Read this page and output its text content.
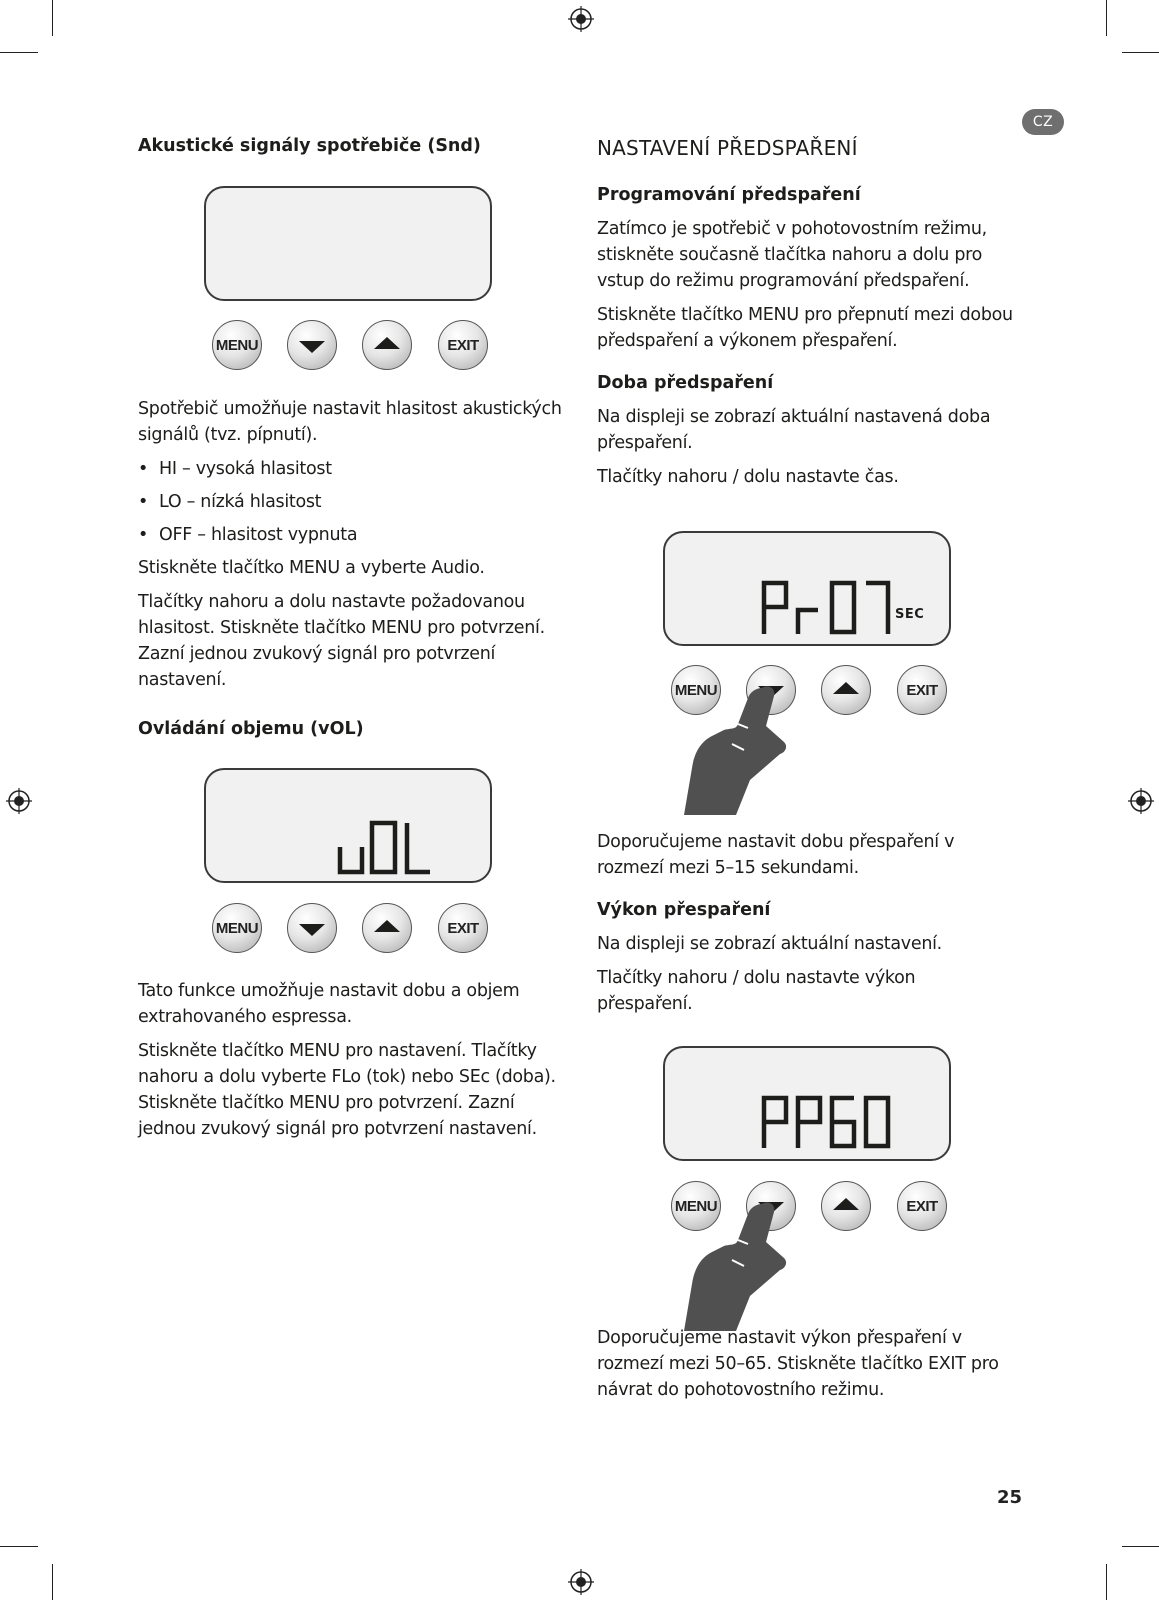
CZ
25
Akustické signály spotřebiče (Snd)
MENU	EXIT

Spotřebič umožňuje nastavit hlasitost akustických signálů (tvz. pípnutí).

• HI – vysoká hlasitost
• LO – nízká hlasitost
• OFF – hlasitost vypnuta

Stiskněte tlačítko MENU a vyberte Audio.

Tlačítky nahoru a dolu nastavte požadovanou hlasitost. Stiskněte tlačítko MENU pro potvrzení. Zazní jednou zvukový signál pro potvrzení nastavení.

Ovládání objemu (vOL)
MENU	EXIT

Tato funkce umožňuje nastavit dobu a objem extrahovaného espressa.

Stiskněte tlačítko MENU pro nastavení. Tlačítky nahoru a dolu vyberte FLo (tok) nebo SEc (doba). Stiskněte tlačítko MENU pro potvrzení. Zazní jednou zvukový signál pro potvrzení nastavení.

NASTAVENÍ PŘEDSPAŘENÍ
Programování předspaření

Zatímco je spotřebič v pohotovostním režimu, stiskněte současně tlačítka nahoru a dolu pro vstup do režimu programování předspaření.

Stiskněte tlačítko MENU pro přepnutí mezi dobou předspaření a výkonem přespaření.

Doba předspaření

Na displeji se zobrazí aktuální nastavená doba přespaření.

Tlačítky nahoru / dolu nastavte čas.

SEC
MENU	EXIT

Doporučujeme nastavit dobu přespaření v rozmezí mezi 5–15 sekundami.

Výkon přespaření

Na displeji se zobrazí aktuální nastavení.

Tlačítky nahoru / dolu nastavte výkon přespaření.

MENU	EXIT

Doporučujeme nastavit výkon přespaření v rozmezí mezi 50–65. Stiskněte tlačítko EXIT pro návrat do pohotovostního režimu.
